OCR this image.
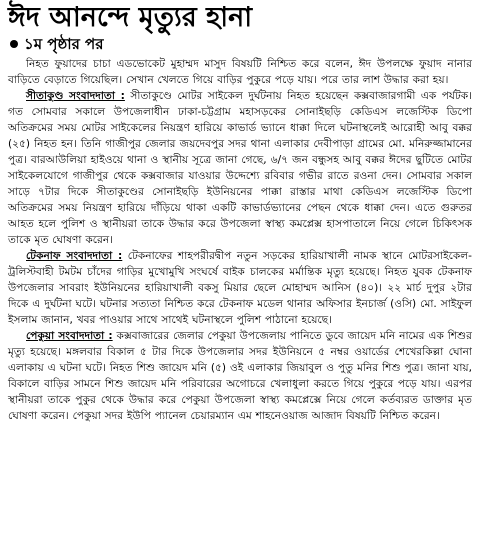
ঈদ আনন্দে মৃত্যুর হানা
১ম পৃষ্ঠার পর

নিহত ফুয়াদের চাচা এডভোকেট মুহাম্মদ মাসুদ বিষয়টি নিশ্চিত করে বলেন, ঈদ উপলক্ষে ফুয়াদ নানার বাড়িতে বেড়াতে গিয়েছিল। সেখান খেলতে গিয়ে বাড়ির পুকুরে পড়ে যায়। পরে তার লাশ উদ্ধার করা হয়।

সীতাকুণ্ড সংবাদদাতা : সীতাকুণ্ডে মোটর সাইকেল দুর্ঘটনায় নিহত হয়েছেন কক্সবাজারগামী এক পর্যটক। গত সোমবার সকালে উপজেলাধীন ঢাকা-চট্টগ্রাম মহাসড়কের সোনাইছড়ি কেডিএস লজেস্টিক ডিপো অতিক্রমের সময় মোটর সাইকেলের নিয়ন্ত্রণ হারিয়ে কাভার্ড ভ্যানে ধাক্কা দিলে ঘটনাস্থলেই আরোহী আবু বক্কর (২৫) নিহত হন। তিনি গাজীপুর জেলার জয়দেবপুর সদর থানা এলাকার দেবীপাড়া গ্রামের মো. মনিরুজ্জামানের পুত্র। বারআউলিয়া হাইওয়ে থানা ও স্থানীয় সূত্রে জানা গেছে, ৬/৭ জন বন্ধুসহ আবু বক্কর ঈদের ছুটিতে মোটর সাইকেলযোগে গাজীপুর থেকে কক্সবাজার যাওয়ার উদ্দেশ্যে রবিবার গভীর রাতে রওনা দেন। সোমবার সকাল সাড়ে ৭টার দিকে সীতাকুণ্ডের সোনাইছড়ি ইউনিয়নের পাক্কা রাস্তার মাথা কেডিএস লজেস্টিক ডিপো অতিক্রমের সময় নিয়ন্ত্রণ হারিয়ে দাঁড়িয়ে থাকা একটি কাভার্ডভ্যানের পেছন থেকে ধাক্কা দেন। এতে গুরুতর আহত হলে পুলিশ ও স্থানীয়রা তাকে উদ্ধার করে উপজেলা স্বাস্থ্য কমপ্লেক্স হাসপাতালে নিয়ে গেলে চিকিৎসক তাকে মৃত ঘোষণা করেন।

টেকনাফ সংবাদদাতা : টেকনাফের শাহপরীরদ্বীপ নতুন সড়কের হারিয়াখালী নামক স্থানে মোটরসাইকেল-ট্রলিস্টবাহী টমটম চাঁদের গাড়ির মুখোমুখি সংঘর্ষে বাইক চালকের মর্মান্তিক মৃত্যু হয়েছে। নিহত যুবক টেকনাফ উপজেলার সাবরাং ইউনিয়নের হারিয়াখালী বকসু মিয়ার ছেলে মোহাম্মদ আনিস (৪০)। ২২ মার্চ দুপুর ২টার দিকে এ দুর্ঘটনা ঘটে। ঘটনার সত্যতা নিশ্চিত করে টেকনাফ মডেল থানার অফিসার ইনচার্জ (ওসি) মো. সাইফুল ইসলাম জানান, খবর পাওয়ার সাথে সাথেই ঘটনাস্থলে পুলিশ পাঠানো হয়েছে।

পেকুয়া সংবাদদাতা : কক্সবাজারের জেলার পেকুয়া উপজেলায় পানিতে ডুবে জায়েদ মনি নামের এক শিশুর মৃত্যু হয়েছে। মঙ্গলবার বিকাল ৫ টার দিকে উপজেলার সদর ইউনিয়নে ৫ নম্বর ওয়ার্ডের শেখেরকিল্লা ঘোনা এলাকায় এ ঘটনা ঘটে। নিহত শিশু জায়েদ মনি (৫) ওই এলাকার জিয়াবুল ও পুতু মনির শিশু পুত্র। জানা যায়, বিকালে বাড়ির সামনে শিশু জায়েদ মনি পরিবারের অগোচরে খেলাধুলা করতে গিয়ে পুকুরে পড়ে যায়। এরপর স্থানীয়রা তাকে পুকুর থেকে উদ্ধার করে পেকুয়া উপজেলা স্বাস্থ্য কমপ্লেক্সে নিয়ে গেলে কর্তব্যরত ডাক্তার মৃত ঘোষণা করেন। পেকুয়া সদর ইউপি প্যানেল চেয়ারম্যান এম শাহনেওয়াজ আজাদ বিষয়টি নিশ্চিত করেন।
